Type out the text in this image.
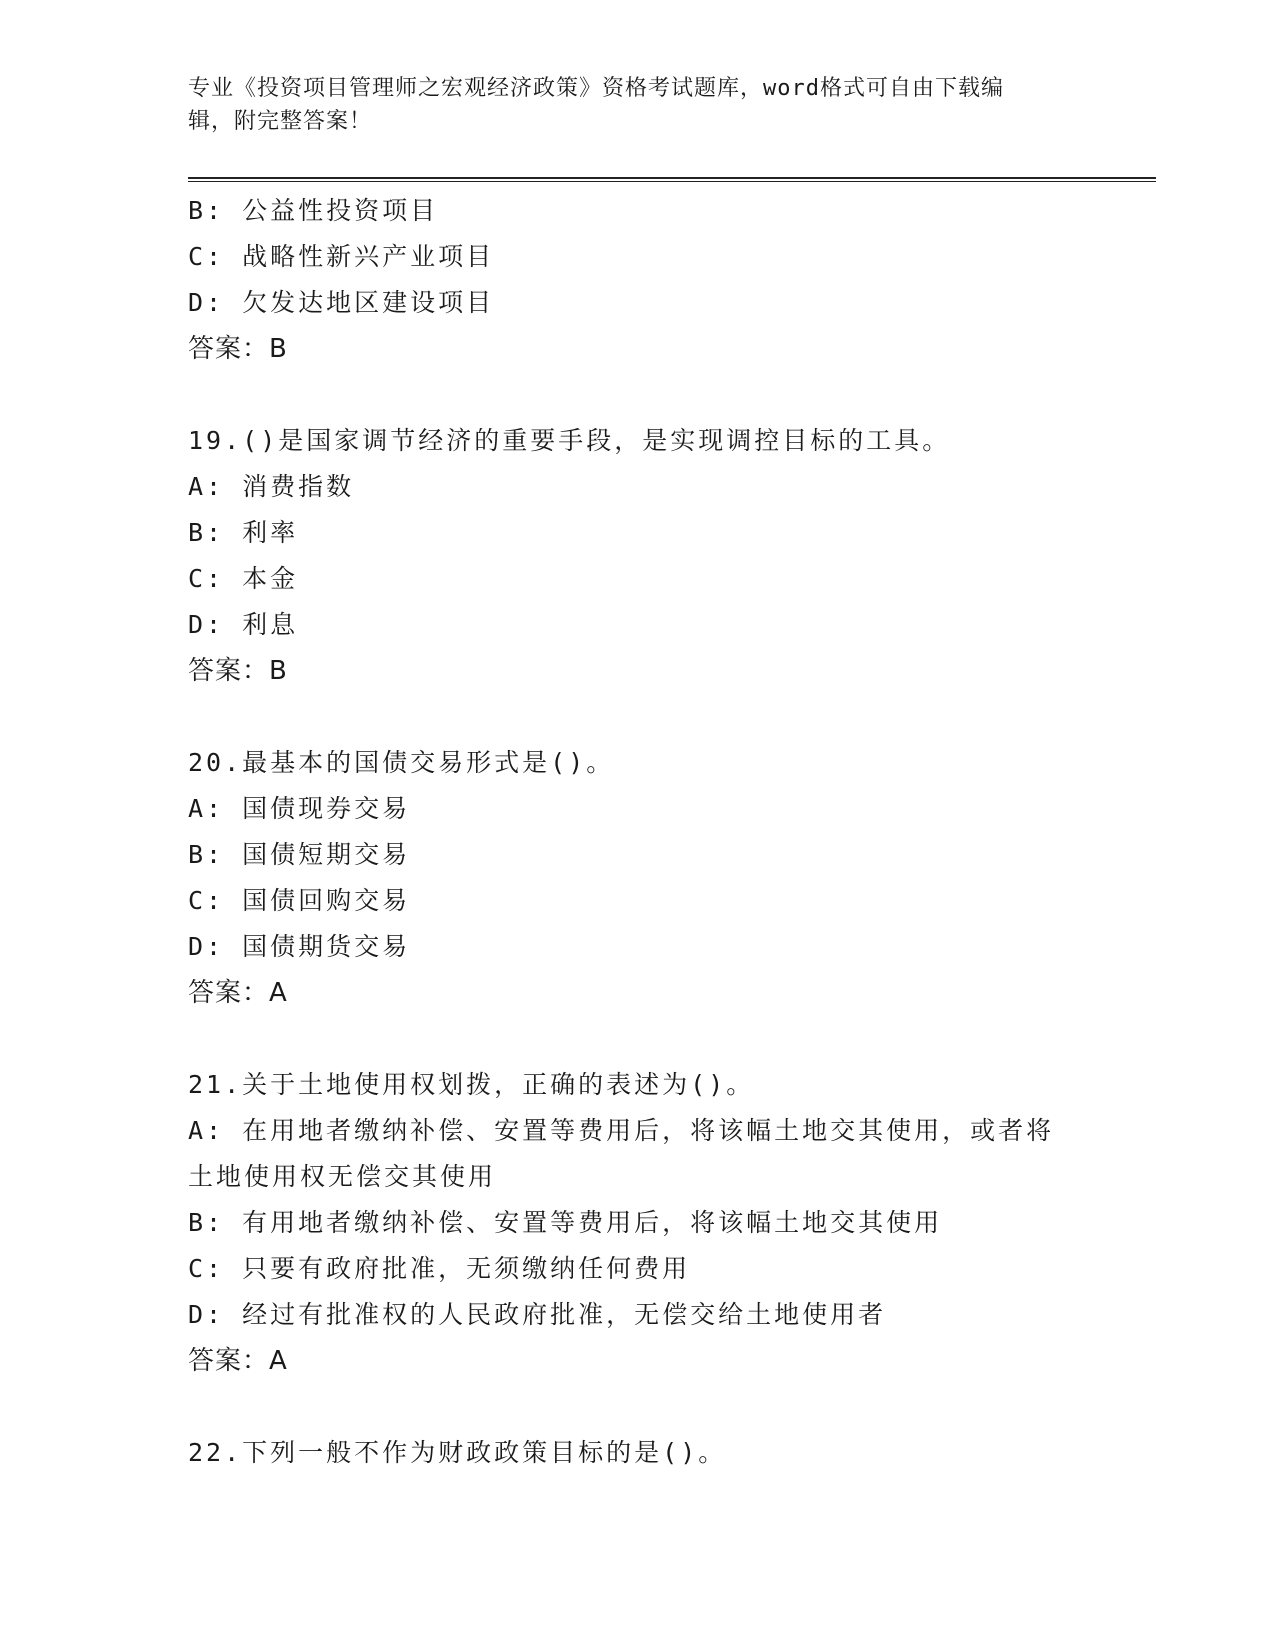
专业《投资项目管理师之宏观经济政策》资格考试题库，word格式可自由下载编
辑，附完整答案！
B: 公益性投资项目
C: 战略性新兴产业项目
D: 欠发达地区建设项目
答案：B
19.()是国家调节经济的重要手段，是实现调控目标的工具。
A: 消费指数
B: 利率
C: 本金
D: 利息
答案：B
20.最基本的国债交易形式是()。
A: 国债现券交易
B: 国债短期交易
C: 国债回购交易
D: 国债期货交易
答案：A
21.关于土地使用权划拨，正确的表述为()。
A: 在用地者缴纳补偿、安置等费用后，将该幅土地交其使用，或者将
土地使用权无偿交其使用
B: 有用地者缴纳补偿、安置等费用后，将该幅土地交其使用
C: 只要有政府批准，无须缴纳任何费用
D: 经过有批准权的人民政府批准，无偿交给土地使用者
答案：A
22.下列一般不作为财政政策目标的是()。
